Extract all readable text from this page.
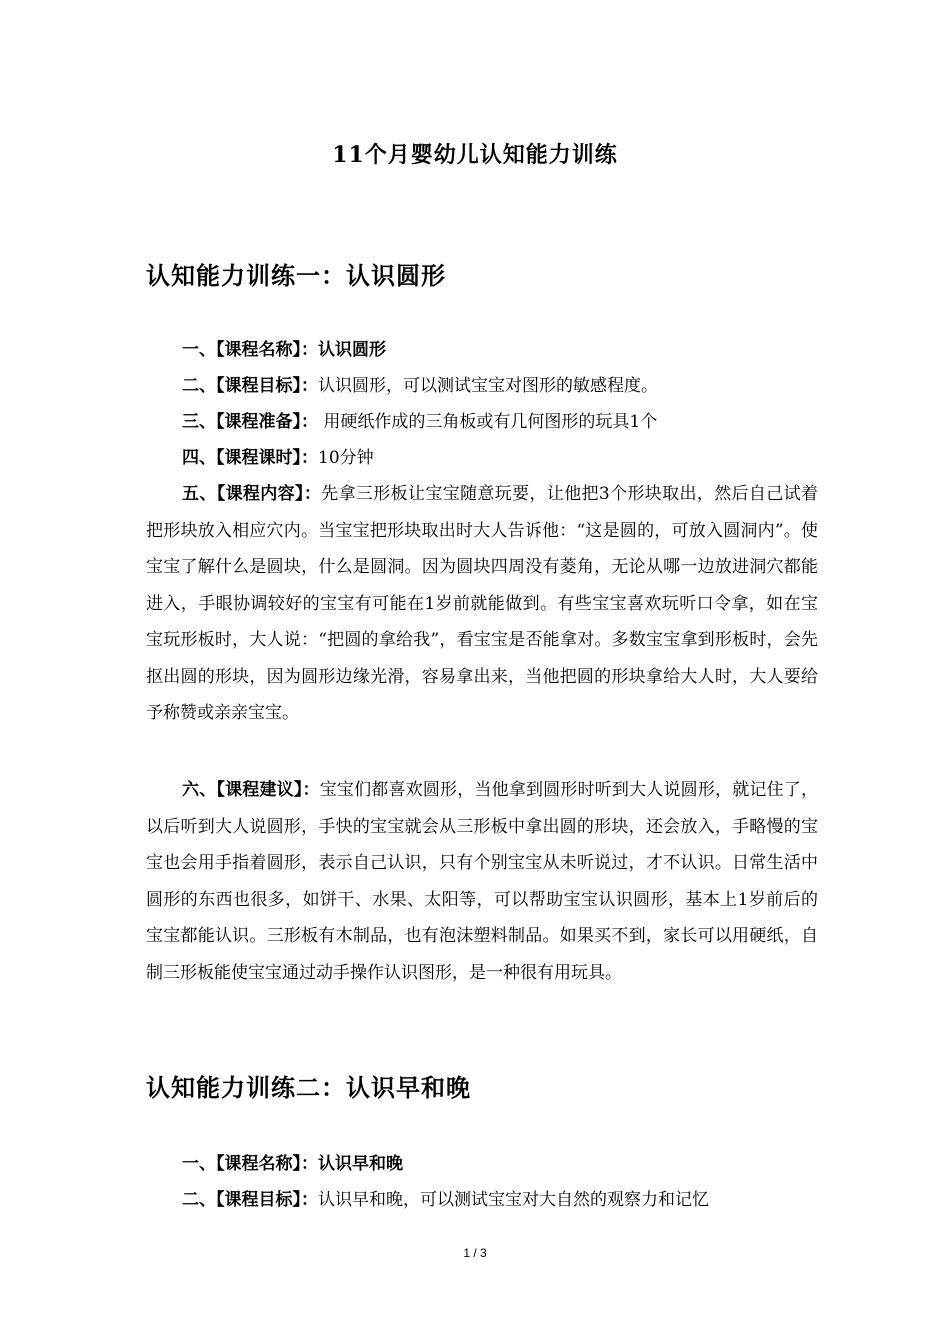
11个月婴幼儿认知能力训练
认知能力训练一：认识圆形

一、【课程名称】：认识圆形

二、【课程目标】：认识圆形，可以测试宝宝对图形的敏感程度。

三、【课程准备】： 用硬纸作成的三角板或有几何图形的玩具1个

四、【课程课时】：10分钟

五、【课程内容】：先拿三形板让宝宝随意玩要，让他把3个形块取出，然后自己试着把形块放入相应穴内。当宝宝把形块取出时大人告诉他：“这是圆的，可放入圆洞内”。使宝宝了解什么是圆块，什么是圆洞。因为圆块四周没有菱角，无论从哪一边放进洞穴都能进入，手眼协调较好的宝宝有可能在1岁前就能做到。有些宝宝喜欢玩听口令拿，如在宝宝玩形板时，大人说：“把圆的拿给我”，看宝宝是否能拿对。多数宝宝拿到形板时，会先抠出圆的形块，因为圆形边缘光滑，容易拿出来，当他把圆的形块拿给大人时，大人要给予称赞或亲亲宝宝。

六、【课程建议】：宝宝们都喜欢圆形，当他拿到圆形时听到大人说圆形，就记住了，以后听到大人说圆形，手快的宝宝就会从三形板中拿出圆的形块，还会放入，手略慢的宝宝也会用手指着圆形，表示自己认识，只有个别宝宝从未听说过，才不认识。日常生活中圆形的东西也很多，如饼干、水果、太阳等，可以帮助宝宝认识圆形，基本上1岁前后的宝宝都能认识。三形板有木制品，也有泡沫塑料制品。如果买不到，家长可以用硬纸，自制三形板能使宝宝通过动手操作认识图形，是一种很有用玩具。

认知能力训练二：认识早和晚

一、【课程名称】：认识早和晚

二、【课程目标】：认识早和晚，可以测试宝宝对大自然的观察力和记忆

1 / 3
